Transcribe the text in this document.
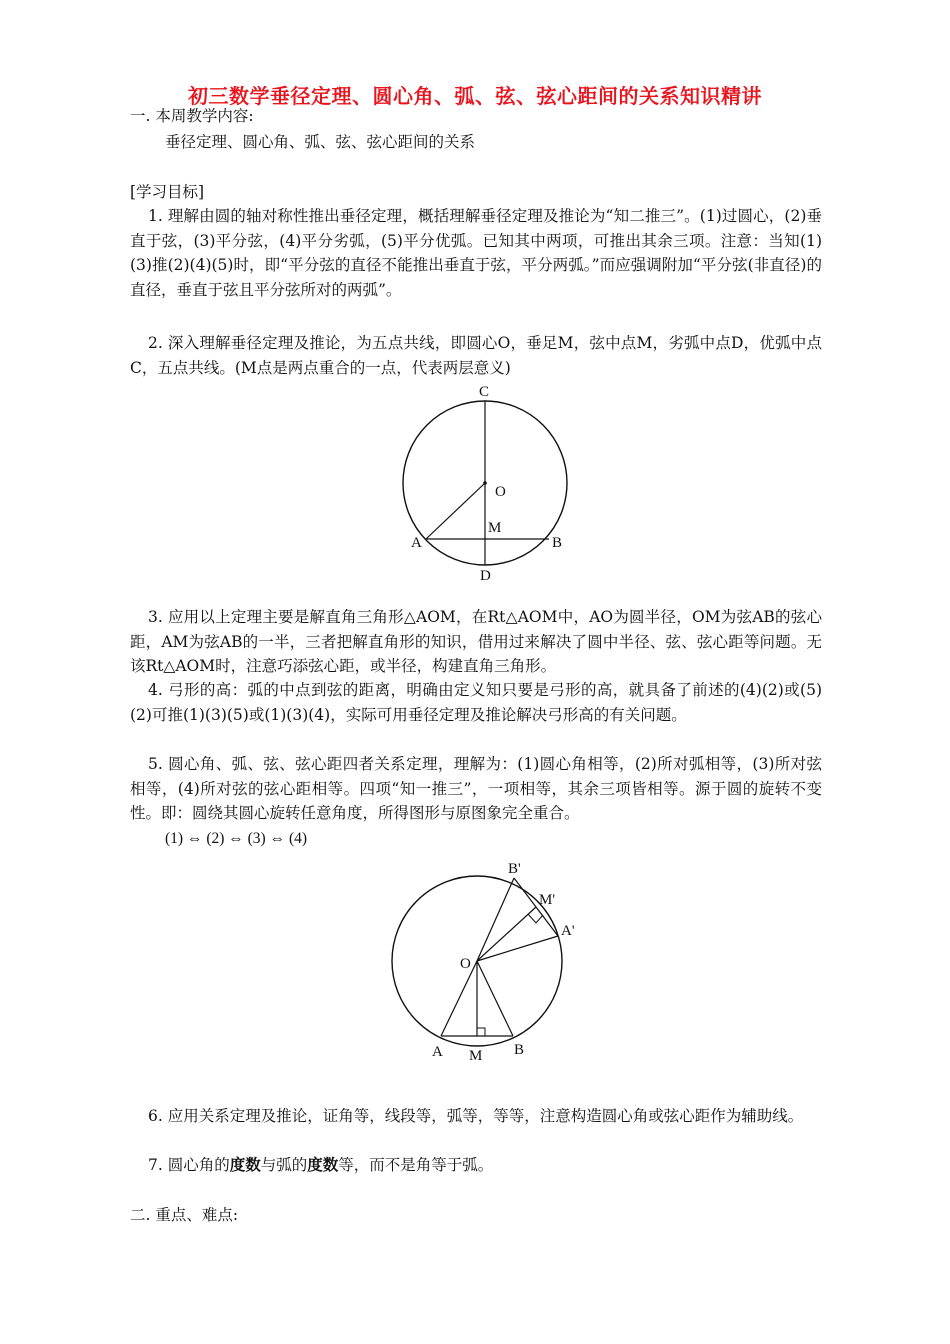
初三数学垂径定理、圆心角、弧、弦、弦心距间的关系知识精讲
一. 本周教学内容:
垂径定理、圆心角、弧、弦、弦心距间的关系
[学习目标]
1. 理解由圆的轴对称性推出垂径定理，概括理解垂径定理及推论为“知二推三”。(1)过圆心，(2)垂直于弦，(3)平分弦，(4)平分劣弧，(5)平分优弧。已知其中两项，可推出其余三项。注意：当知(1)(3)推(2)(4)(5)时，即“平分弦的直径不能推出垂直于弦，平分两弧。”而应强调附加“平分弦(非直径)的直径，垂直于弦且平分弦所对的两弧”。
2. 深入理解垂径定理及推论，为五点共线，即圆心O，垂足M，弦中点M，劣弧中点D，优弧中点C，五点共线。(M点是两点重合的一点，代表两层意义)
C
O
M
A	B
D
3. 应用以上定理主要是解直角三角形△AOM，在Rt△AOM中，AO为圆半径，OM为弦AB的弦心距，AM为弦AB的一半，三者把解直角形的知识，借用过来解决了圆中半径、弦、弦心距等问题。无该Rt△AOM时，注意巧添弦心距，或半径，构建直角三角形。
4. 弓形的高：弧的中点到弦的距离，明确由定义知只要是弓形的高，就具备了前述的(4)(2)或(5)(2)可推(1)(3)(5)或(1)(3)(4)，实际可用垂径定理及推论解决弓形高的有关问题。
5. 圆心角、弧、弦、弦心距四者关系定理，理解为：(1)圆心角相等，(2)所对弧相等，(3)所对弦相等，(4)所对弦的弦心距相等。四项“知一推三”，一项相等，其余三项皆相等。源于圆的旋转不变性。即：圆绕其圆心旋转任意角度，所得图形与原图象完全重合。
(1) ⇔ (2) ⇔ (3) ⇔ (4)
B'
M'
A'
O
A M B
6. 应用关系定理及推论，证角等，线段等，弧等，等等，注意构造圆心角或弦心距作为辅助线。
7. 圆心角的度数与弧的度数等，而不是角等于弧。
二. 重点、难点:
